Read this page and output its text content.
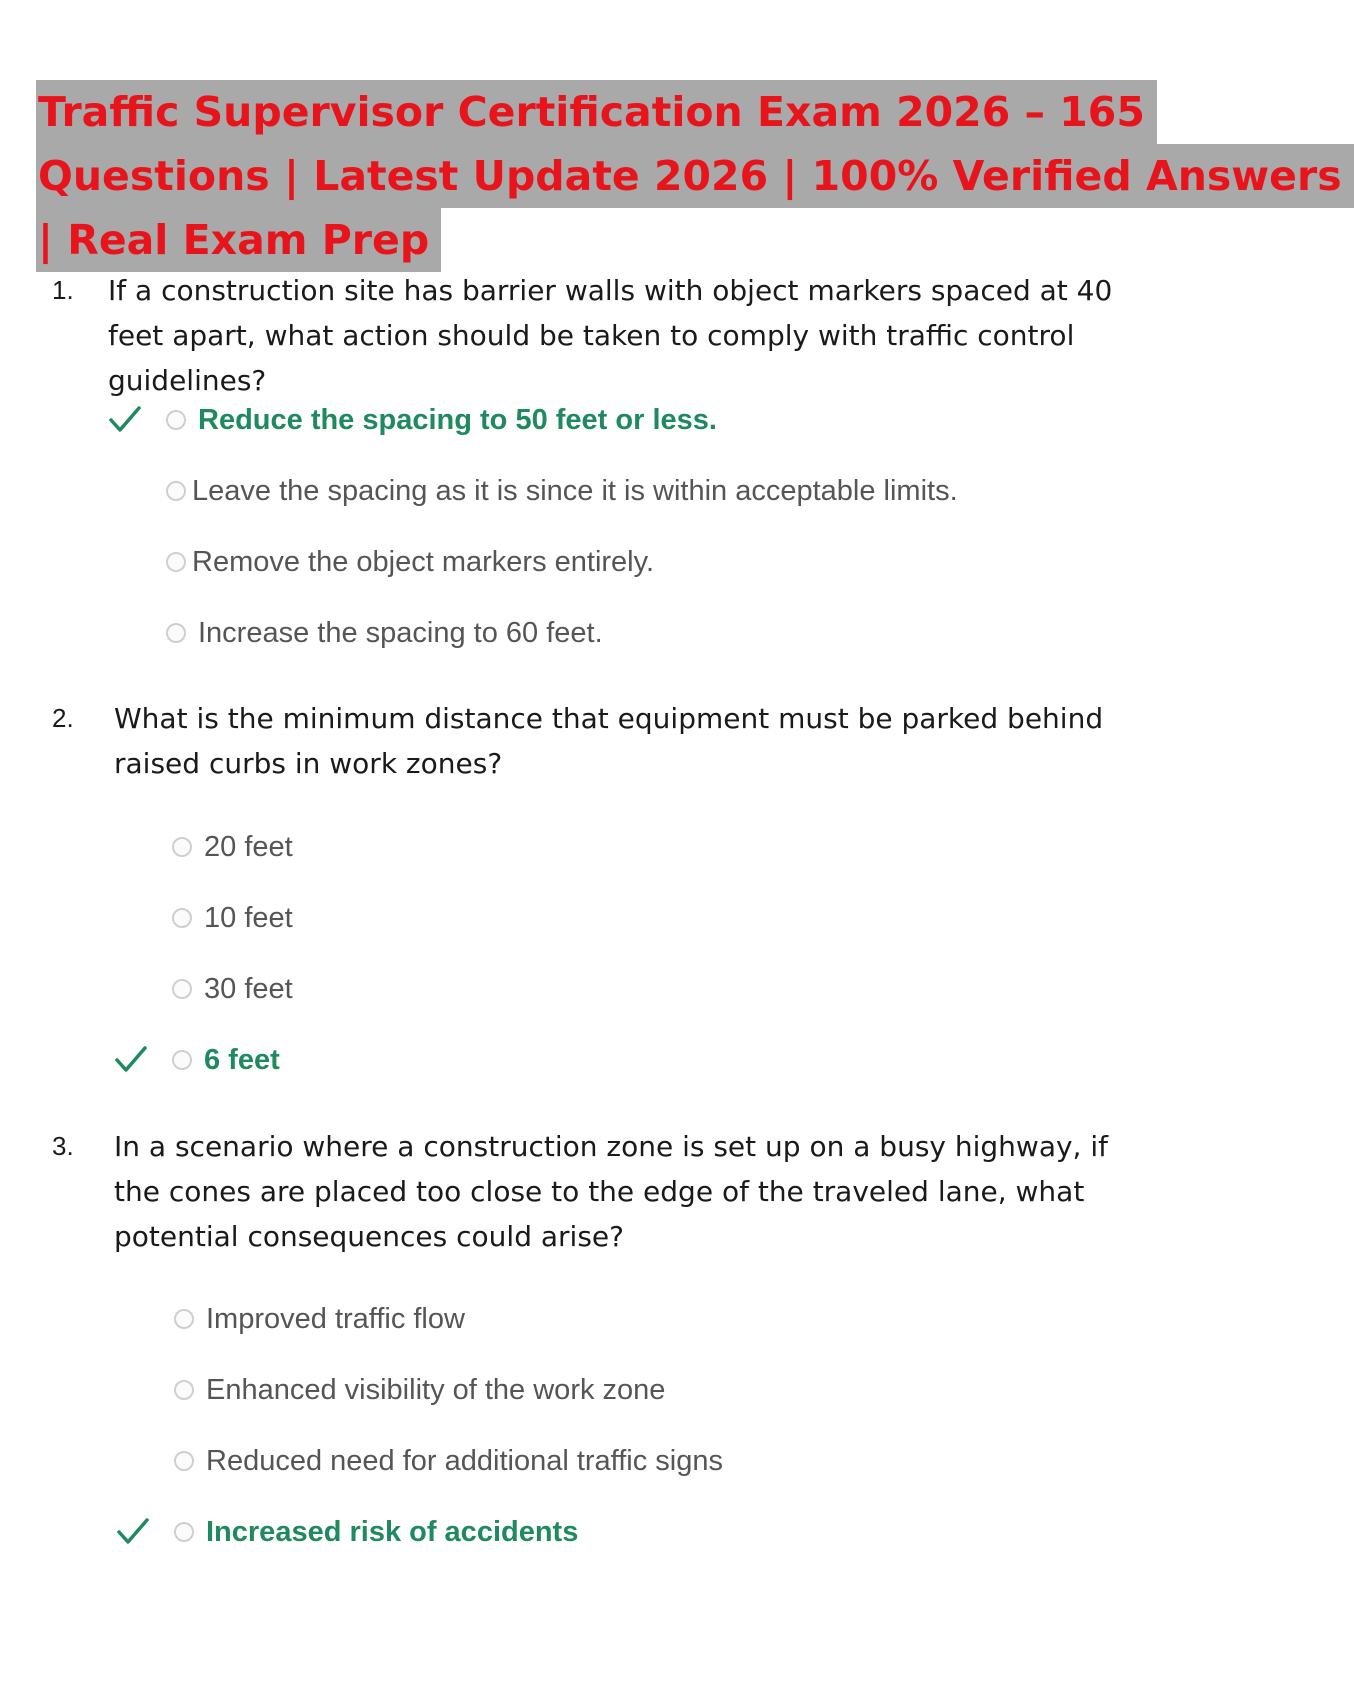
Traffic Supervisor Certification Exam 2026 – 165
Questions | Latest Update 2026 | 100% Verified Answers
| Real Exam Prep
1. If a construction site has barrier walls with object markers spaced at 40 feet apart, what action should be taken to comply with traffic control guidelines?
Reduce the spacing to 50 feet or less.
Leave the spacing as it is since it is within acceptable limits.
Remove the object markers entirely.
Increase the spacing to 60 feet.
2. What is the minimum distance that equipment must be parked behind raised curbs in work zones?
20 feet
10 feet
30 feet
6 feet
3. In a scenario where a construction zone is set up on a busy highway, if the cones are placed too close to the edge of the traveled lane, what potential consequences could arise?
Improved traffic flow
Enhanced visibility of the work zone
Reduced need for additional traffic signs
Increased risk of accidents
